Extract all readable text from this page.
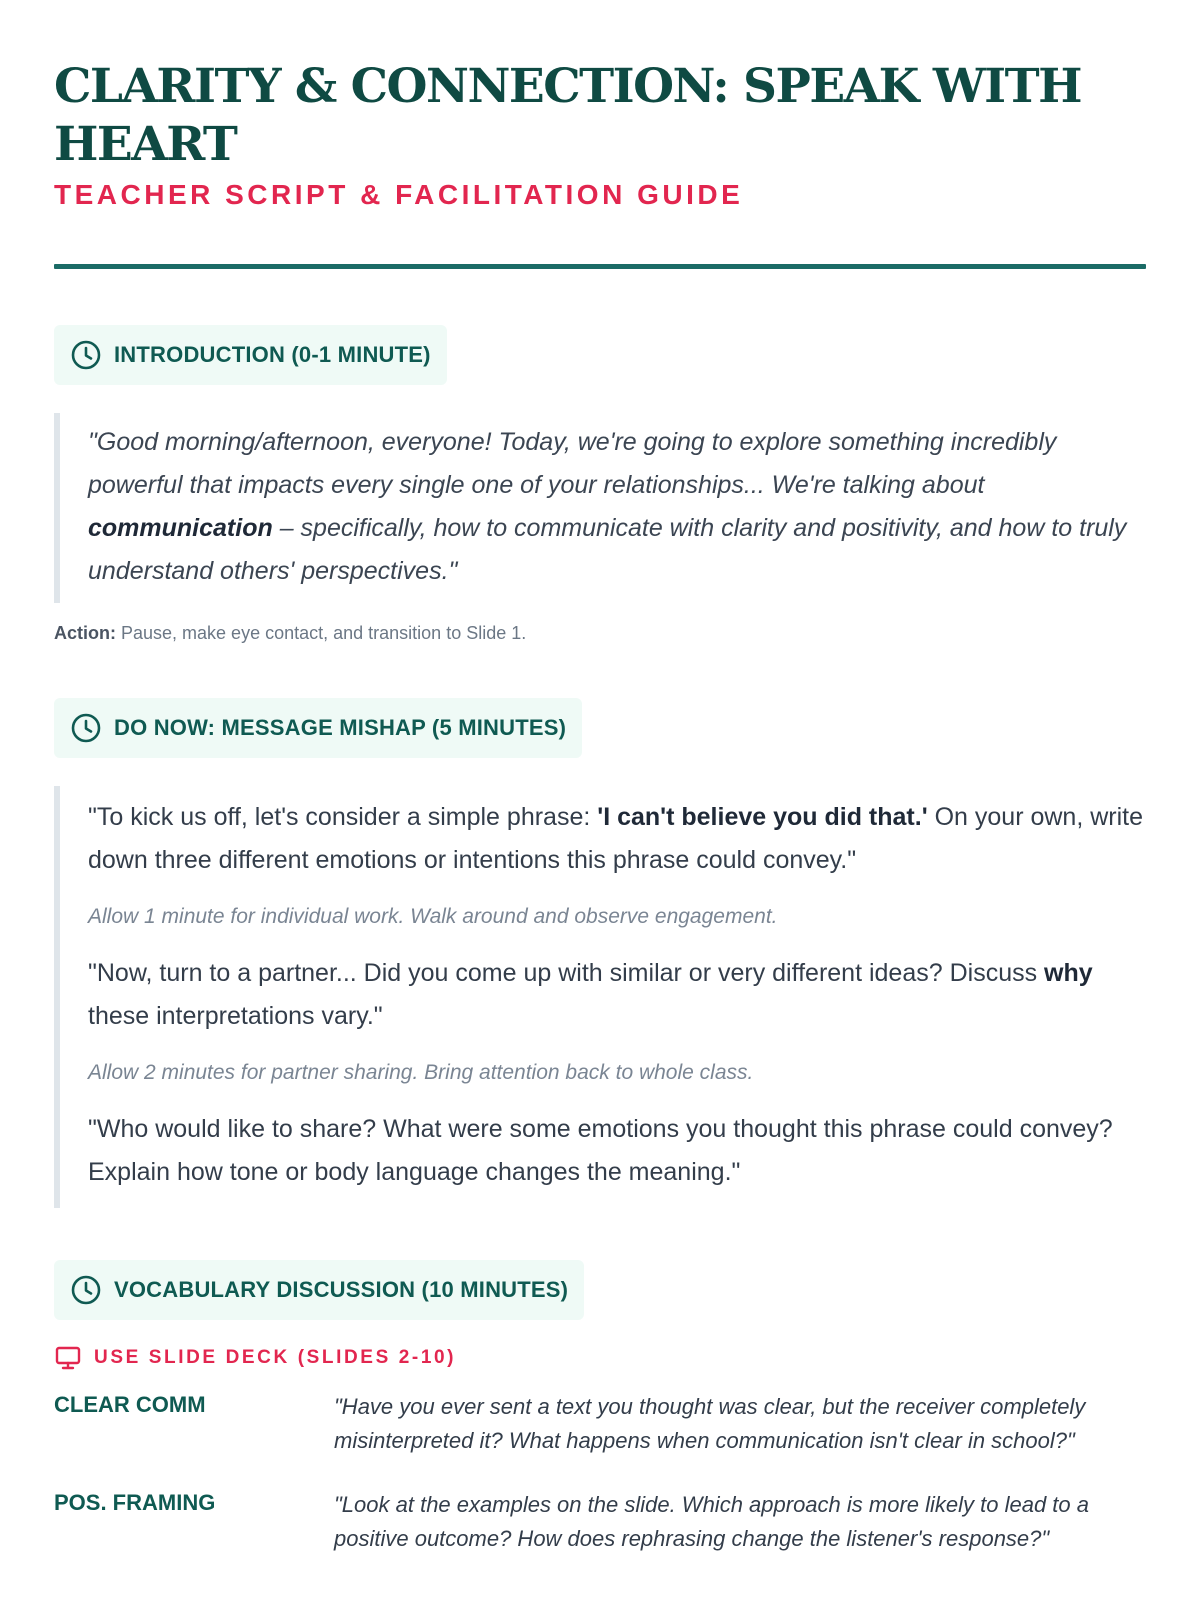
CLARITY & CONNECTION: SPEAK WITH HEART
TEACHER SCRIPT & FACILITATION GUIDE
INTRODUCTION (0-1 MINUTE)
"Good morning/afternoon, everyone! Today, we're going to explore something incredibly powerful that impacts every single one of your relationships... We're talking about communication – specifically, how to communicate with clarity and positivity, and how to truly understand others' perspectives."
Action: Pause, make eye contact, and transition to Slide 1.
DO NOW: MESSAGE MISHAP (5 MINUTES)
"To kick us off, let's consider a simple phrase: 'I can't believe you did that.' On your own, write down three different emotions or intentions this phrase could convey."
Allow 1 minute for individual work. Walk around and observe engagement.
"Now, turn to a partner... Did you come up with similar or very different ideas? Discuss why these interpretations vary."
Allow 2 minutes for partner sharing. Bring attention back to whole class.
"Who would like to share? What were some emotions you thought this phrase could convey? Explain how tone or body language changes the meaning."
VOCABULARY DISCUSSION (10 MINUTES)
USE SLIDE DECK (SLIDES 2-10)
CLEAR COMM	"Have you ever sent a text you thought was clear, but the receiver completely misinterpreted it? What happens when communication isn't clear in school?"
POS. FRAMING	"Look at the examples on the slide. Which approach is more likely to lead to a positive outcome? How does rephrasing change the listener's response?"
